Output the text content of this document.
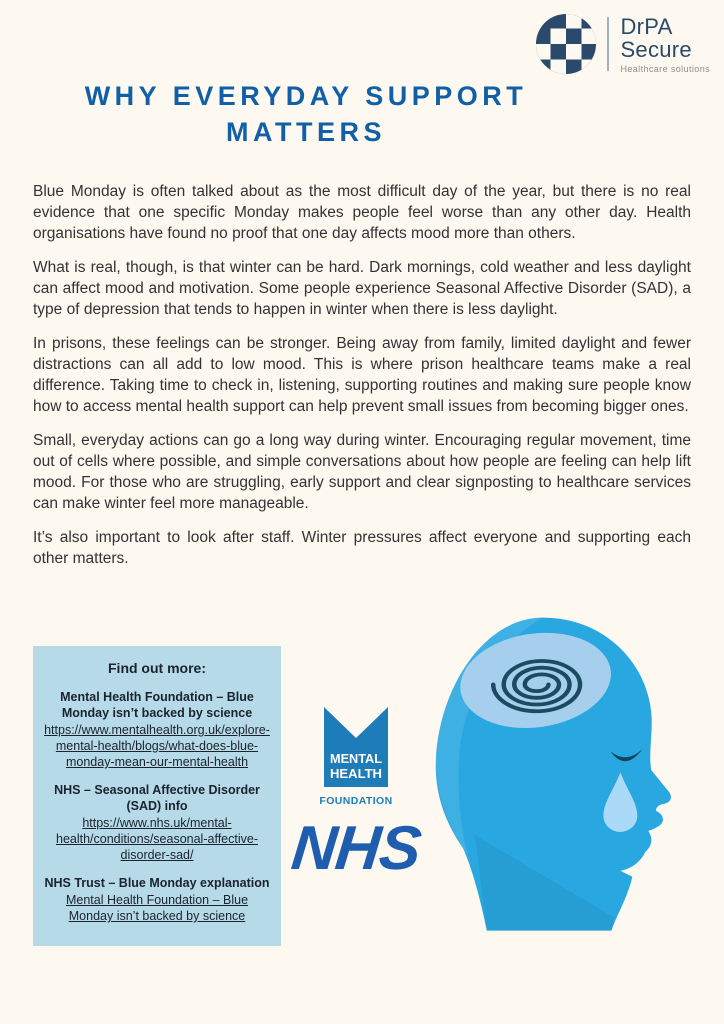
DrPA
Secure
Healthcare solutions
WHY EVERYDAY SUPPORT
MATTERS

Blue Monday is often talked about as the most difficult day of the year, but there is no real evidence that one specific Monday makes people feel worse than any other day. Health organisations have found no proof that one day affects mood more than others.

What is real, though, is that winter can be hard. Dark mornings, cold weather and less daylight can affect mood and motivation. Some people experience Seasonal Affective Disorder (SAD), a type of depression that tends to happen in winter when there is less daylight.

In prisons, these feelings can be stronger. Being away from family, limited daylight and fewer distractions can all add to low mood. This is where prison healthcare teams make a real difference. Taking time to check in, listening, supporting routines and making sure people know how to access mental health support can help prevent small issues from becoming bigger ones.

Small, everyday actions can go a long way during winter. Encouraging regular movement, time out of cells where possible, and simple conversations about how people are feeling can help lift mood. For those who are struggling, early support and clear signposting to healthcare services can make winter feel more manageable.

It’s also important to look after staff. Winter pressures affect everyone and supporting each other matters.

Find out more:
Mental Health Foundation – Blue Monday isn’t backed by science
https://www.mentalhealth.org.uk/explore-mental-health/blogs/what-does-blue-monday-mean-our-mental-health
NHS – Seasonal Affective Disorder (SAD) info
https://www.nhs.uk/mental-health/conditions/seasonal-affective-disorder-sad/
NHS Trust – Blue Monday explanation
Mental Health Foundation – Blue Monday isn’t backed by science
MENTAL
HEALTH
FOUNDATION
NHS
